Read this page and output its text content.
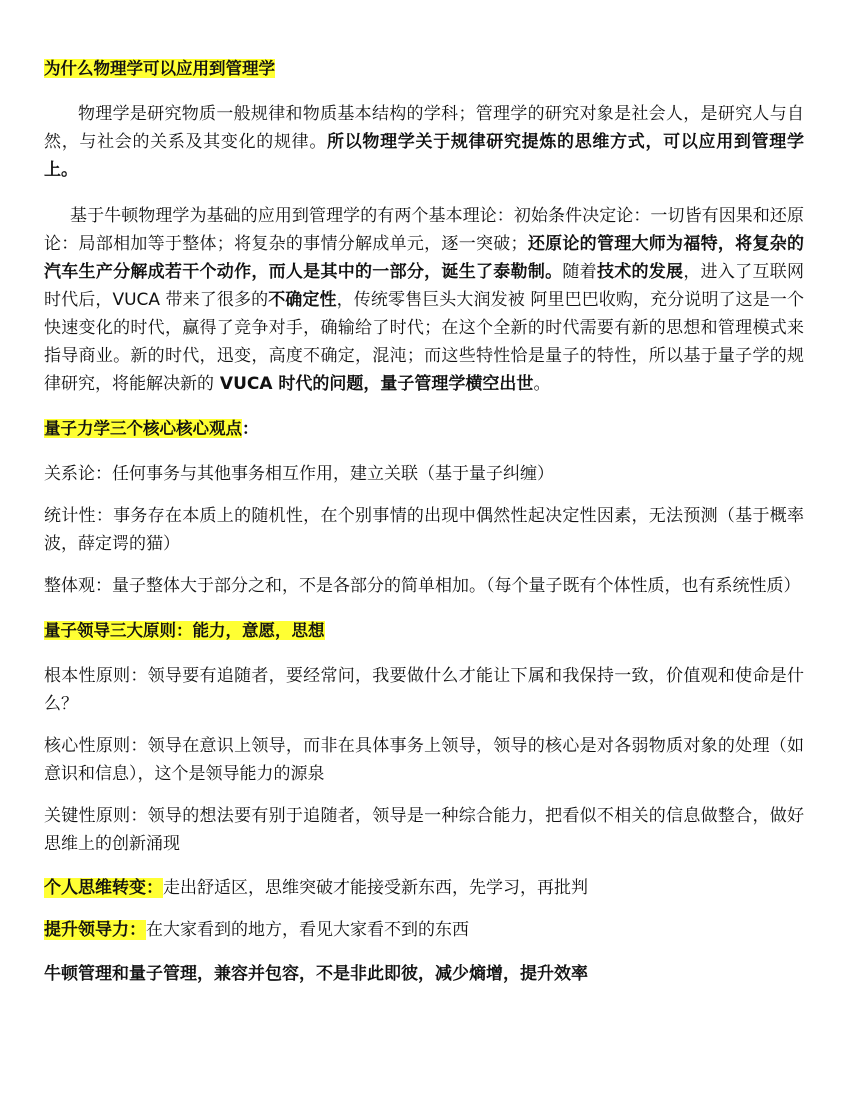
为什么物理学可以应用到管理学

物理学是研究物质一般规律和物质基本结构的学科；管理学的研究对象是社会人，是研究人与自然，与社会的关系及其变化的规律。所以物理学关于规律研究提炼的思维方式，可以应用到管理学上。

基于牛顿物理学为基础的应用到管理学的有两个基本理论：初始条件决定论：一切皆有因果和还原论：局部相加等于整体；将复杂的事情分解成单元，逐一突破；还原论的管理大师为福特，将复杂的汽车生产分解成若干个动作，而人是其中的一部分，诞生了泰勒制。随着技术的发展，进入了互联网时代后，VUCA 带来了很多的不确定性，传统零售巨头大润发被 阿里巴巴收购，充分说明了这是一个快速变化的时代，赢得了竞争对手，确输给了时代；在这个全新的时代需要有新的思想和管理模式来指导商业。新的时代，迅变，高度不确定，混沌；而这些特性恰是量子的特性，所以基于量子学的规律研究，将能解决新的 VUCA 时代的问题，量子管理学横空出世。

量子力学三个核心核心观点：

关系论：任何事务与其他事务相互作用，建立关联（基于量子纠缠）

统计性：事务存在本质上的随机性，在个别事情的出现中偶然性起决定性因素，无法预测（基于概率波，薛定谔的猫）

整体观：量子整体大于部分之和，不是各部分的简单相加。（每个量子既有个体性质，也有系统性质）

量子领导三大原则：能力，意愿，思想

根本性原则：领导要有追随者，要经常问，我要做什么才能让下属和我保持一致，价值观和使命是什么？

核心性原则：领导在意识上领导，而非在具体事务上领导，领导的核心是对各弱物质对象的处理（如意识和信息），这个是领导能力的源泉

关键性原则：领导的想法要有别于追随者，领导是一种综合能力，把看似不相关的信息做整合，做好思维上的创新涌现

个人思维转变：走出舒适区，思维突破才能接受新东西，先学习，再批判

提升领导力：在大家看到的地方，看见大家看不到的东西

牛顿管理和量子管理，兼容并包容，不是非此即彼，减少熵增，提升效率
